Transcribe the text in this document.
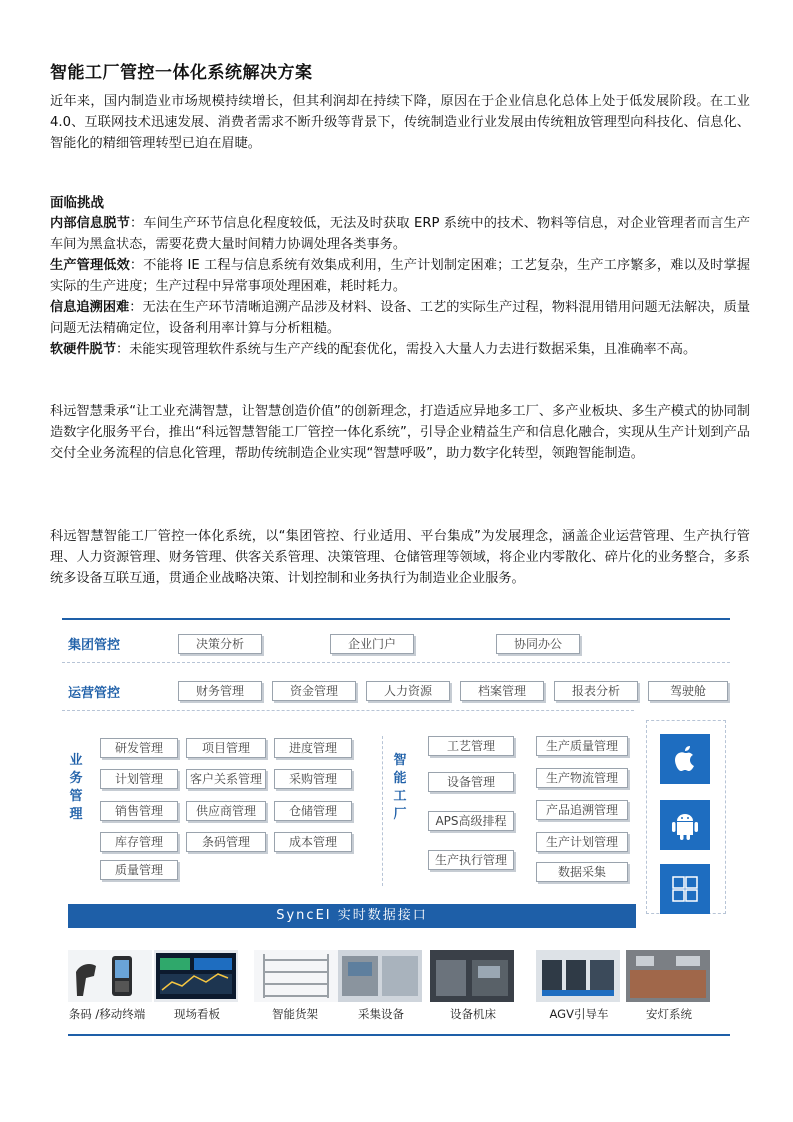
智能工厂管控一体化系统解决方案
近年来，国内制造业市场规模持续增长，但其利润却在持续下降，原因在于企业信息化总体上处于低发展阶段。在工业 4.0、互联网技术迅速发展、消费者需求不断升级等背景下，传统制造业行业发展由传统粗放管理型向科技化、信息化、智能化的精细管理转型已迫在眉睫。
面临挑战

内部信息脱节：车间生产环节信息化程度较低，无法及时获取 ERP 系统中的技术、物料等信息，对企业管理者而言生产车间为黑盒状态，需要花费大量时间精力协调处理各类事务。

生产管理低效：不能将 IE 工程与信息系统有效集成利用，生产计划制定困难；工艺复杂，生产工序繁多，难以及时掌握实际的生产进度；生产过程中异常事项处理困难，耗时耗力。

信息追溯困难：无法在生产环节清晰追溯产品涉及材料、设备、工艺的实际生产过程，物料混用错用问题无法解决，质量问题无法精确定位，设备利用率计算与分析粗糙。

软硬件脱节：未能实现管理软件系统与生产产线的配套优化，需投入大量人力去进行数据采集，且准确率不高。

科远智慧秉承“让工业充满智慧，让智慧创造价值”的创新理念，打造适应异地多工厂、多产业板块、多生产模式的协同制造数字化服务平台，推出“科远智慧智能工厂管控一体化系统”，引导企业精益生产和信息化融合，实现从生产计划到产品交付全业务流程的信息化管理，帮助传统制造企业实现“智慧呼吸”，助力数字化转型，领跑智能制造。
科远智慧智能工厂管控一体化系统，以“集团管控、行业适用、平台集成”为发展理念，涵盖企业运营管理、生产执行管理、人力资源管理、财务管理、供客关系管理、决策管理、仓储管理等领域，将企业内零散化、碎片化的业务整合，多系统多设备互联互通，贯通企业战略决策、计划控制和业务执行为制造业企业服务。
集团管控	决策分析	企业门户	协同办公
运营管控	财务管理	资金管理	人力资源	档案管理	报表分析	驾驶舱
业
务
管
理
研发管理	项目管理	进度管理
计划管理	客户关系管理	采购管理
销售管理	供应商管理	仓储管理
库存管理	条码管理	成本管理
质量管理
智
能
工
厂
工艺管理
设备管理
APS高级排程
生产执行管理
生产质量管理
生产物流管理
产品追溯管理
生产计划管理
数据采集
SyncEI 实时数据接口
条码 /移动终端	现场看板	智能货架	采集设备	设备机床	AGV引导车	安灯系统
